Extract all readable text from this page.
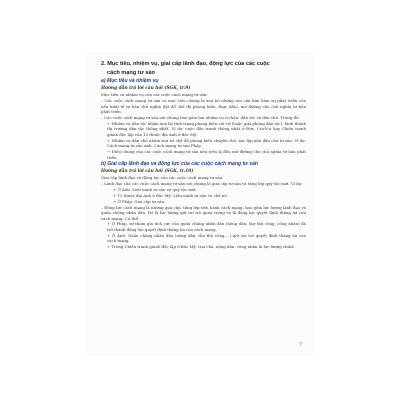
2. Mục tiêu, nhiệm vụ, giai cấp lãnh đạo, động lực của các cuộc
cách mạng tư sản
a) Mục tiêu và nhiệm vụ
Hướng dẫn trả lời câu hỏi (SGK, tr.9)
Mục tiêu và nhiệm vụ của các cuộc cách mạng tư sản:
– Các cuộc cách mạng tư sản có mục tiêu chung là xoá bỏ những rào cản kìm hãm sự phát triển của nền kinh tế tư bản chủ nghĩa (lật đổ chế độ phong kiến, thực dân), mở đường cho chủ nghĩa tư bản phát triển.
– Các cuộc cách mạng tư sản nói chung bao gồm hai nhiệm vụ cơ bản: dân tộc và dân chủ. Trong đó:
+ Nhiệm vụ dân tộc nhằm xoá bỏ tình trạng phong kiến cát cứ (hoặc giải phóng dân tộc), hình thành thị trường dân tộc thống nhất. Ví dụ: cuộc đấu tranh thống nhất ở Đức, I-ta-li-a hay Chiến tranh giành độc lập của 13 thuộc địa Anh ở Bắc Mỹ.
+ Nhiệm vụ dân chủ nhằm xoá bỏ chế độ phong kiến chuyên chế, xác lập nền dân chủ tư sản. Ví dụ: Cách mạng tư sản Anh, Cách mạng tư sản Pháp.
→ Điều chung của các cuộc cách mạng tư sản nêu trên là đều mở đường cho chủ nghĩa tư bản phát triển.
b) Giai cấp lãnh đạo và động lực của các cuộc cách mạng tư sản
Hướng dẫn trả lời câu hỏi (SGK, tr.10)
Giai cấp lãnh đạo và động lực của các cuộc cách mạng tư sản:
– Lãnh đạo của các cuộc cách mạng tư sản nói chung là giai cấp tư sản và tầng lớp quý tộc mới. Ví dụ:
+ Ở Anh: Liên minh tư sản và quý tộc mới.
+ 13 thuộc địa Anh ở Bắc Mỹ: Liên minh tư sản và chủ nô.
+ Ở Pháp: Giai cấp tư sản.
– Động lực cách mạng là những giai cấp, tầng lớp tiến hành cách mạng, bao gồm lực lượng lãnh đạo và quần chúng nhân dân. Đó là lực lượng giữ vai trò quan trọng và là động lực quyết định thắng lợi của cách mạng. Cụ thể:
+ Ở Pháp, sự tham gia tích cực của quần chúng nhân dân (nông dân, thợ thủ công, công nhân) đã trở thành động lực quyết định thắng lợi của cách mạng.
+ Ở Anh: Quần chúng nhân dân (nông dân, thợ thủ công,...) giữ vai trò quyết định thắng lợi của cách mạng.
+ Trong Chiến tranh giành độc lập ở Bắc Mỹ, trại chủ, nông dân, công nhân là lực lượng chính.
7
